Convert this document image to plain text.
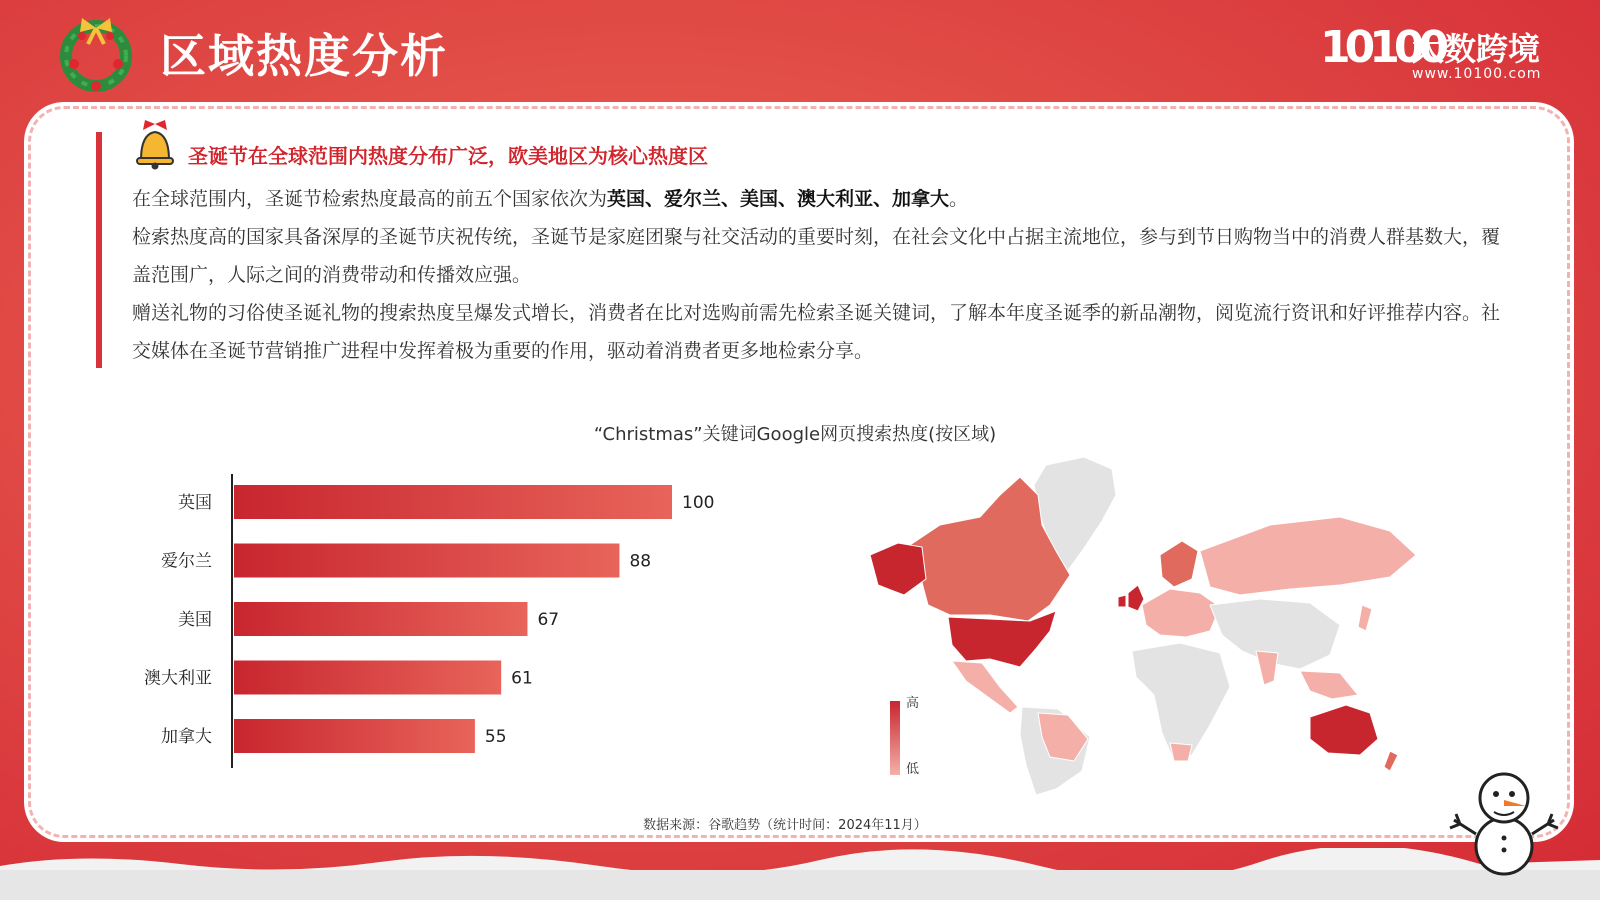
区域热度分析	10100
大数跨境
www.10100.com
圣诞节在全球范围内热度分布广泛，欧美地区为核心热度区

在全球范围内，圣诞节检索热度最高的前五个国家依次为英国、爱尔兰、美国、澳大利亚、加拿大。

检索热度高的国家具备深厚的圣诞节庆祝传统，圣诞节是家庭团聚与社交活动的重要时刻，在社会文化中占据主流地位，参与到节日购物当中的消费人群基数大，覆盖范围广，人际之间的消费带动和传播效应强。

赠送礼物的习俗使圣诞礼物的搜索热度呈爆发式增长，消费者在比对选购前需先检索圣诞关键词，了解本年度圣诞季的新品潮物，阅览流行资讯和好评推荐内容。社交媒体在圣诞节营销推广进程中发挥着极为重要的作用，驱动着消费者更多地检索分享。

“Christmas”关键词Google网页搜索热度(按区域)

英国	100
爱尔兰	88
美国	67
澳大利亚	61
加拿大	55
高
低
数据来源：谷歌趋势（统计时间：2024年11月）
